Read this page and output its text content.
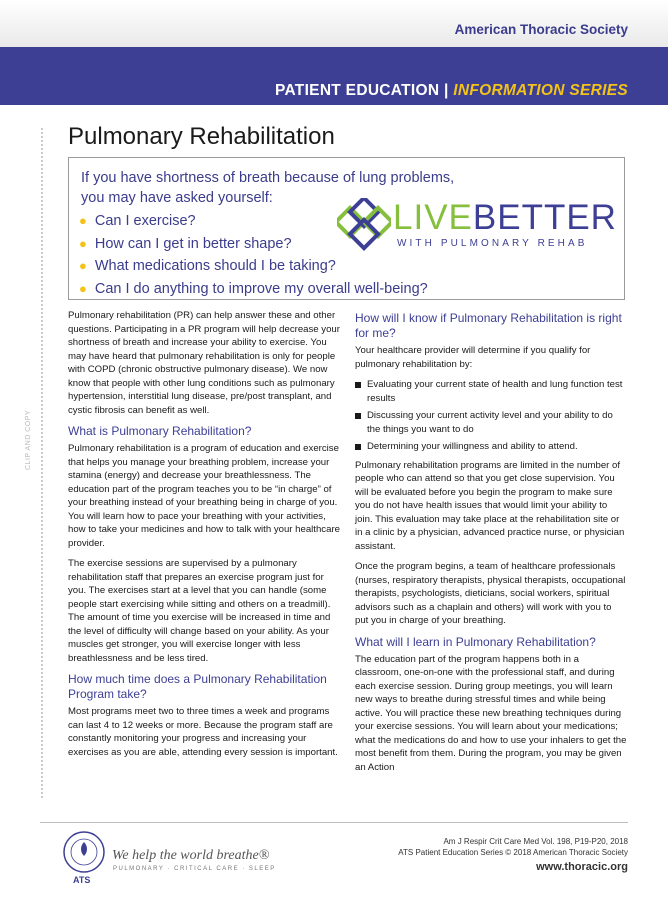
American Thoracic Society
PATIENT EDUCATION | INFORMATION SERIES
CLIP AND COPY
Pulmonary Rehabilitation

If you have shortness of breath because of lung problems, you may have asked yourself:

● Can I exercise?
● How can I get in better shape?
● What medications should I be taking?
● Can I do anything to improve my overall well-being?
LIVEBETTER
WITH PULMONARY REHAB

Pulmonary rehabilitation (PR) can help answer these and other questions. Participating in a PR program will help decrease your shortness of breath and increase your ability to exercise. You may have heard that pulmonary rehabilitation is only for people with COPD (chronic obstructive pulmonary disease). We now know that people with other lung conditions such as pulmonary hypertension, interstitial lung disease, pre/post transplant, and cystic fibrosis can benefit as well.

What is Pulmonary Rehabilitation?

Pulmonary rehabilitation is a program of education and exercise that helps you manage your breathing problem, increase your stamina (energy) and decrease your breathlessness. The education part of the program teaches you to be “in charge” of your breathing instead of your breathing being in charge of you. You will learn how to pace your breathing with your activities, how to take your medicines and how to talk with your healthcare provider.

The exercise sessions are supervised by a pulmonary rehabilitation staff that prepares an exercise program just for you. The exercises start at a level that you can handle (some people start exercising while sitting and others on a treadmill). The amount of time you exercise will be increased in time and the level of difficulty will change based on your ability. As your muscles get stronger, you will exercise longer with less breathlessness and be less tired.

How much time does a Pulmonary Rehabilitation Program take?

Most programs meet two to three times a week and programs can last 4 to 12 weeks or more. Because the program staff are constantly monitoring your progress and increasing your exercises as you are able, attending every session is important.

How will I know if Pulmonary Rehabilitation is right for me?

Your healthcare provider will determine if you qualify for pulmonary rehabilitation by:

Evaluating your current state of health and lung function test results
Discussing your current activity level and your ability to do the things you want to do
Determining your willingness and ability to attend.

Pulmonary rehabilitation programs are limited in the number of people who can attend so that you get close supervision. You will be evaluated before you begin the program to make sure you do not have health issues that would limit your ability to join. This evaluation may take place at the rehabilitation site or in a clinic by a physician, advanced practice nurse, or physician assistant.

Once the program begins, a team of healthcare professionals (nurses, respiratory therapists, physical therapists, occupational therapists, psychologists, dieticians, social workers, spiritual advisors such as a chaplain and others) will work with you to put you in charge of your breathing.

What will I learn in Pulmonary Rehabilitation?

The education part of the program happens both in a classroom, one-on-one with the professional staff, and during each exercise session. During group meetings, you will learn new ways to breathe during stressful times and while being active. You will practice these new breathing techniques during your exercise sessions. You will learn about your medications; what the medications do and how to use your inhalers to get the most benefit from them. During the program, you may be given an Action

ATS
We help the world breathe®
PULMONARY · CRITICAL CARE · SLEEP
Am J Respir Crit Care Med Vol. 198, P19-P20, 2018
ATS Patient Education Series © 2018 American Thoracic Society
www.thoracic.org
